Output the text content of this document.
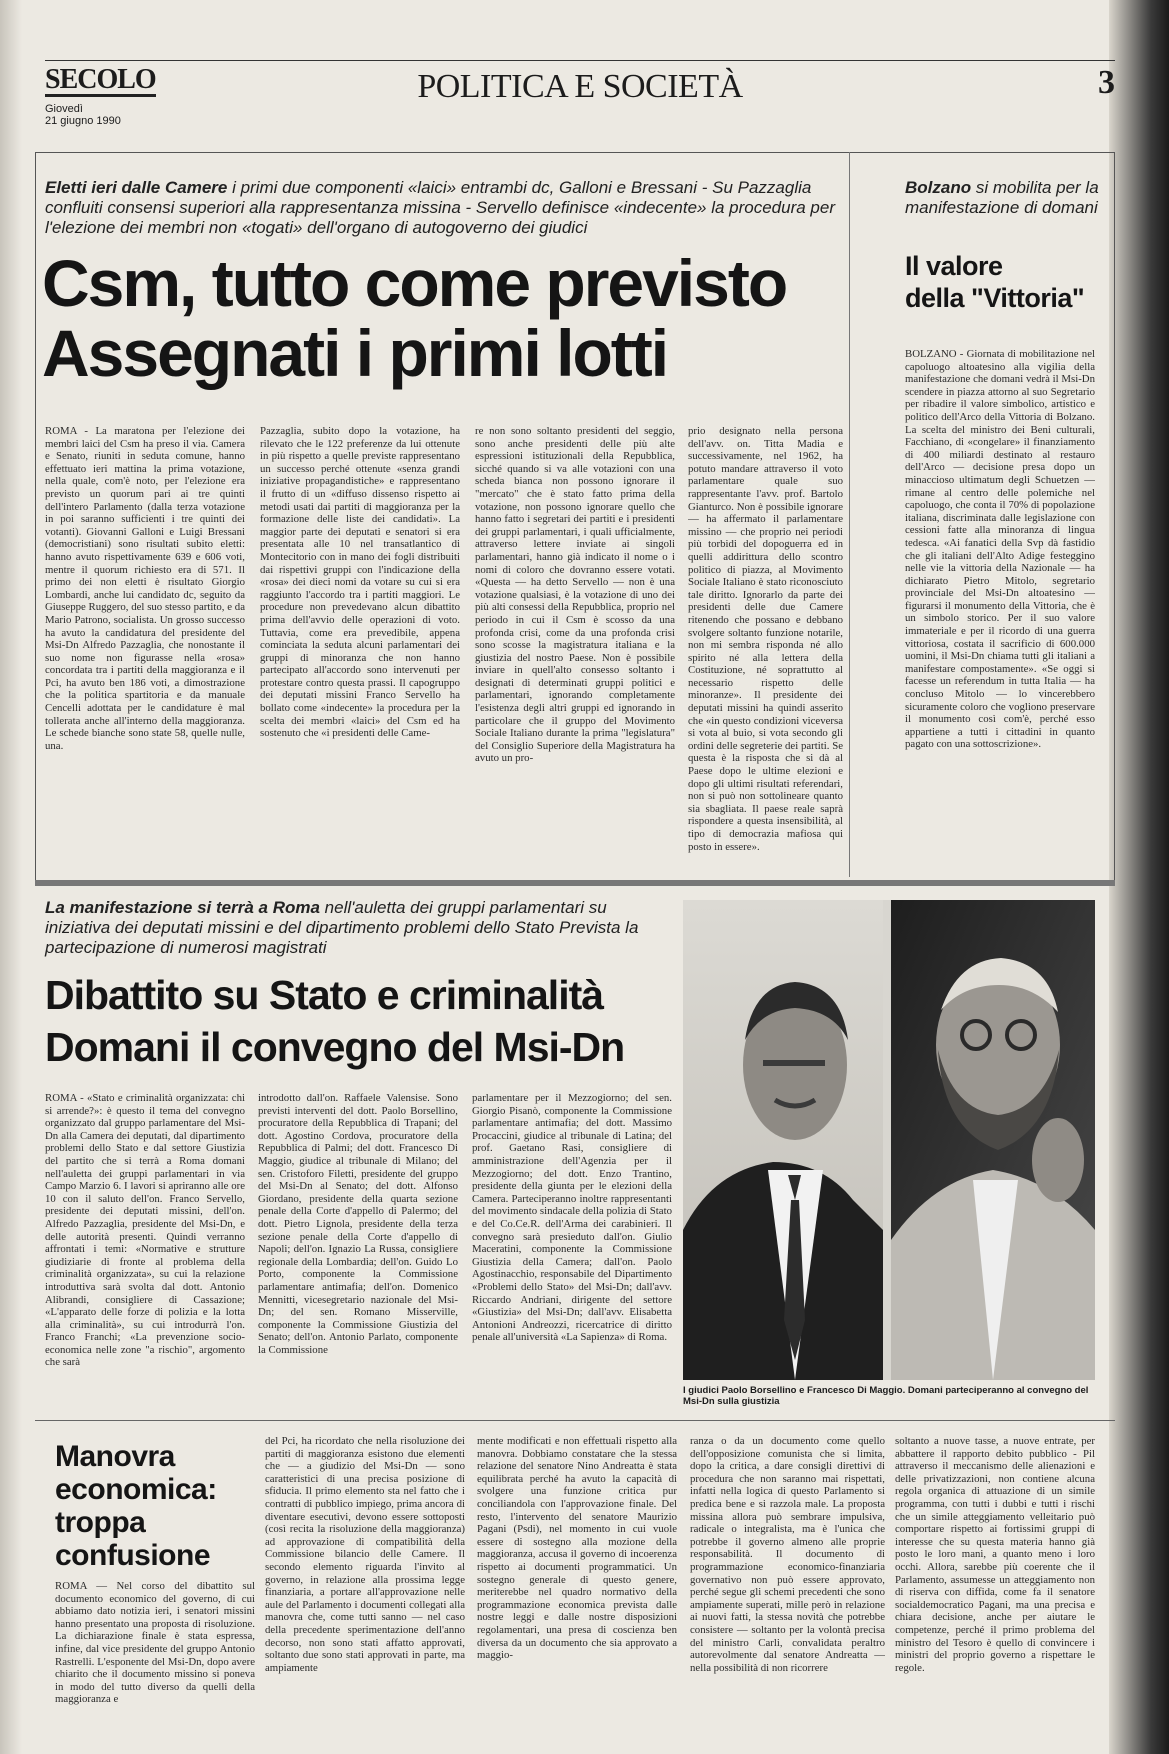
SECOLO
Giovedì
21 giugno 1990
POLITICA E SOCIETÀ	3
Eletti ieri dalle Camere i primi due componenti «laici» entrambi dc, Galloni e Bressani - Su Pazzaglia confluiti consensi superiori alla rappresentanza missina - Servello definisce «indecente» la procedura per l'elezione dei membri non «togati» dell'organo di autogoverno dei giudici
Csm, tutto come previsto
Assegnati i primi lotti
ROMA - La maratona per l'elezione dei membri laici del Csm ha preso il via. Camera e Senato, riuniti in seduta comune, hanno effettuato ieri mattina la prima votazione, nella quale, com'è noto, per l'elezione era previsto un quorum pari ai tre quinti dell'intero Parlamento (dalla terza votazione in poi saranno sufficienti i tre quinti dei votanti). Giovanni Galloni e Luigi Bressani (democristiani) sono risultati subito eletti: hanno avuto rispettivamente 639 e 606 voti, mentre il quorum richiesto era di 571. Il primo dei non eletti è risultato Giorgio Lombardi, anche lui candidato dc, seguito da Giuseppe Ruggero, del suo stesso partito, e da Mario Patrono, socialista. Un grosso successo ha avuto la candidatura del presidente del Msi-Dn Alfredo Pazzaglia, che nonostante il suo nome non figurasse nella «rosa» concordata tra i partiti della maggioranza e il Pci, ha avuto ben 186 voti, a dimostrazione che la politica spartitoria e da manuale Cencelli adottata per le candidature è mal tollerata anche all'interno della maggioranza. Le schede bianche sono state 58, quelle nulle, una.
Pazzaglia, subito dopo la votazione, ha rilevato che le 122 preferenze da lui ottenute in più rispetto a quelle previste rappresentano un successo perché ottenute «senza grandi iniziative propagandistiche» e rappresentano il frutto di un «diffuso dissenso rispetto ai metodi usati dai partiti di maggioranza per la formazione delle liste dei candidati». La maggior parte dei deputati e senatori si era presentata alle 10 nel transatlantico di Montecitorio con in mano dei fogli distribuiti dai rispettivi gruppi con l'indicazione della «rosa» dei dieci nomi da votare su cui si era raggiunto l'accordo tra i partiti maggiori. Le procedure non prevedevano alcun dibattito prima dell'avvio delle operazioni di voto. Tuttavia, come era prevedibile, appena cominciata la seduta alcuni parlamentari dei gruppi di minoranza che non hanno partecipato all'accordo sono intervenuti per protestare contro questa prassi. Il capogruppo dei deputati missini Franco Servello ha bollato come «indecente» la procedura per la scelta dei membri «laici» del Csm ed ha sostenuto che «i presidenti delle Came-
re non sono soltanto presidenti del seggio, sono anche presidenti delle più alte espressioni istituzionali della Repubblica, sicché quando si va alle votazioni con una scheda bianca non possono ignorare il "mercato" che è stato fatto prima della votazione, non possono ignorare quello che hanno fatto i segretari dei partiti e i presidenti dei gruppi parlamentari, i quali ufficialmente, attraverso lettere inviate ai singoli parlamentari, hanno già indicato il nome o i nomi di coloro che dovranno essere votati. «Questa — ha detto Servello — non è una votazione qualsiasi, è la votazione di uno dei più alti consessi della Repubblica, proprio nel periodo in cui il Csm è scosso da una profonda crisi, come da una profonda crisi sono scosse la magistratura italiana e la giustizia del nostro Paese. Non è possibile inviare in quell'alto consesso soltanto i designati di determinati gruppi politici e parlamentari, ignorando completamente l'esistenza degli altri gruppi ed ignorando in particolare che il gruppo del Movimento Sociale Italiano durante la prima "legislatura" del Consiglio Superiore della Magistratura ha avuto un pro-
prio designato nella persona dell'avv. on. Titta Madia e successivamente, nel 1962, ha potuto mandare attraverso il voto parlamentare quale suo rappresentante l'avv. prof. Bartolo Gianturco. Non è possibile ignorare — ha affermato il parlamentare missino — che proprio nei periodi più torbidi del dopoguerra ed in quelli addirittura dello scontro politico di piazza, al Movimento Sociale Italiano è stato riconosciuto tale diritto. Ignorarlo da parte dei presidenti delle due Camere ritenendo che possano e debbano svolgere soltanto funzione notarile, non mi sembra risponda né allo spirito né alla lettera della Costituzione, né soprattutto al necessario rispetto delle minoranze». Il presidente dei deputati missini ha quindi asserito che «in questo condizioni viceversa si vota al buio, si vota secondo gli ordini delle segreterie dei partiti. Se questa è la risposta che si dà al Paese dopo le ultime elezioni e dopo gli ultimi risultati referendari, non si può non sottolineare quanto sia sbagliata. Il paese reale saprà rispondere a questa insensibilità, al tipo di democrazia mafiosa qui posto in essere».
Bolzano si mobilita per la manifestazione di domani
Il valore
della "Vittoria"
BOLZANO - Giornata di mobilitazione nel capoluogo altoatesino alla vigilia della manifestazione che domani vedrà il Msi-Dn scendere in piazza attorno al suo Segretario per ribadire il valore simbolico, artistico e politico dell'Arco della Vittoria di Bolzano. La scelta del ministro dei Beni culturali, Facchiano, di «congelare» il finanziamento di 400 miliardi destinato al restauro dell'Arco — decisione presa dopo un minaccioso ultimatum degli Schuetzen — rimane al centro delle polemiche nel capoluogo, che conta il 70% di popolazione italiana, discriminata dalle legislazione con cessioni fatte alla minoranza di lingua tedesca. «Ai fanatici della Svp dà fastidio che gli italiani dell'Alto Adige festeggino nelle vie la vittoria della Nazionale — ha dichiarato Pietro Mitolo, segretario provinciale del Msi-Dn altoatesino — figurarsi il monumento della Vittoria, che è un simbolo storico. Per il suo valore immateriale e per il ricordo di una guerra vittoriosa, costata il sacrificio di 600.000 uomini, il Msi-Dn chiama tutti gli italiani a manifestare compostamente». «Se oggi si facesse un referendum in tutta Italia — ha concluso Mitolo — lo vincerebbero sicuramente coloro che vogliono preservare il monumento così com'è, perché esso appartiene a tutti i cittadini in quanto pagato con una sottoscrizione».
La manifestazione si terrà a Roma nell'auletta dei gruppi parlamentari su iniziativa dei deputati missini e del dipartimento problemi dello Stato Prevista la partecipazione di numerosi magistrati
Dibattito su Stato e criminalità
Domani il convegno del Msi-Dn
ROMA - «Stato e criminalità organizzata: chi si arrende?»: è questo il tema del convegno organizzato dal gruppo parlamentare del Msi-Dn alla Camera dei deputati, dal dipartimento problemi dello Stato e dal settore Giustizia del partito che si terrà a Roma domani nell'auletta dei gruppi parlamentari in via Campo Marzio 6. I lavori si apriranno alle ore 10 con il saluto dell'on. Franco Servello, presidente dei deputati missini, dell'on. Alfredo Pazzaglia, presidente del Msi-Dn, e delle autorità presenti. Quindi verranno affrontati i temi: «Normative e strutture giudiziarie di fronte al problema della criminalità organizzata», su cui la relazione introduttiva sarà svolta dal dott. Antonio Alibrandi, consigliere di Cassazione; «L'apparato delle forze di polizia e la lotta alla criminalità», su cui introdurrà l'on. Franco Franchi; «La prevenzione socio-economica nelle zone "a rischio", argomento che sarà
introdotto dall'on. Raffaele Valensise. Sono previsti interventi del dott. Paolo Borsellino, procuratore della Repubblica di Trapani; del dott. Agostino Cordova, procuratore della Repubblica di Palmi; del dott. Francesco Di Maggio, giudice al tribunale di Milano; del sen. Cristoforo Filetti, presidente del gruppo del Msi-Dn al Senato; del dott. Alfonso Giordano, presidente della quarta sezione penale della Corte d'appello di Palermo; del dott. Pietro Lignola, presidente della terza sezione penale della Corte d'appello di Napoli; dell'on. Ignazio La Russa, consigliere regionale della Lombardia; dell'on. Guido Lo Porto, componente la Commissione parlamentare antimafia; dell'on. Domenico Mennitti, vicesegretario nazionale del Msi-Dn; del sen. Romano Misserville, componente la Commissione Giustizia del Senato; dell'on. Antonio Parlato, componente la Commissione
parlamentare per il Mezzogiorno; del sen. Giorgio Pisanò, componente la Commissione parlamentare antimafia; del dott. Massimo Procaccini, giudice al tribunale di Latina; del prof. Gaetano Rasi, consigliere di amministrazione dell'Agenzia per il Mezzogiorno; del dott. Enzo Trantino, presidente della giunta per le elezioni della Camera. Parteciperanno inoltre rappresentanti del movimento sindacale della polizia di Stato e del Co.Ce.R. dell'Arma dei carabinieri. Il convegno sarà presieduto dall'on. Giulio Maceratini, componente la Commissione Giustizia della Camera; dall'on. Paolo Agostinacchio, responsabile del Dipartimento «Problemi dello Stato» del Msi-Dn; dall'avv. Riccardo Andriani, dirigente del settore «Giustizia» del Msi-Dn; dall'avv. Elisabetta Antonioni Andreozzi, ricercatrice di diritto penale all'università «La Sapienza» di Roma.
I giudici Paolo Borsellino e Francesco Di Maggio. Domani parteciperanno al convegno del Msi-Dn sulla giustizia
Manovra economica: troppa confusione
ROMA — Nel corso del dibattito sul documento economico del governo, di cui abbiamo dato notizia ieri, i senatori missini hanno presentato una proposta di risoluzione. La dichiarazione finale è stata espressa, infine, dal vice presidente del gruppo Antonio Rastrelli. L'esponente del Msi-Dn, dopo avere chiarito che il documento missino si poneva in modo del tutto diverso da quelli della maggioranza e
del Pci, ha ricordato che nella risoluzione dei partiti di maggioranza esistono due elementi che — a giudizio del Msi-Dn — sono caratteristici di una precisa posizione di sfiducia. Il primo elemento sta nel fatto che i contratti di pubblico impiego, prima ancora di diventare esecutivi, devono essere sottoposti (così recita la risoluzione della maggioranza) ad approvazione di compatibilità della Commissione bilancio delle Camere. Il secondo elemento riguarda l'invito al governo, in relazione alla prossima legge finanziaria, a portare all'approvazione nelle aule del Parlamento i documenti collegati alla manovra che, come tutti sanno — nel caso della precedente sperimentazione dell'anno decorso, non sono stati affatto approvati, soltanto due sono stati approvati in parte, ma ampiamente
mente modificati e non effettuali rispetto alla manovra. Dobbiamo constatare che la stessa relazione del senatore Nino Andreatta è stata equilibrata perché ha avuto la capacità di svolgere una funzione critica pur conciliandola con l'approvazione finale. Del resto, l'intervento del senatore Maurizio Pagani (Psdi), nel momento in cui vuole essere di sostegno alla mozione della maggioranza, accusa il governo di incoerenza rispetto ai documenti programmatici. Un sostegno generale di questo genere, meriterebbe nel quadro normativo della programmazione economica prevista dalle nostre leggi e dalle nostre disposizioni regolamentari, una presa di coscienza ben diversa da un documento che sia approvato a maggio-
ranza o da un documento come quello dell'opposizione comunista che si limita, dopo la critica, a dare consigli direttivi di procedura che non saranno mai rispettati, infatti nella logica di questo Parlamento si predica bene e si razzola male. La proposta missina allora può sembrare impulsiva, radicale o integralista, ma è l'unica che potrebbe il governo almeno alle proprie responsabilità. Il documento di programmazione economico-finanziaria governativo non può essere approvato, perché segue gli schemi precedenti che sono ampiamente superati, mille però in relazione ai nuovi fatti, la stessa novità che potrebbe consistere — soltanto per la volontà precisa del ministro Carli, convalidata peraltro autorevolmente dal senatore Andreatta — nella possibilità di non ricorrere
soltanto a nuove tasse, a nuove entrate, per abbattere il rapporto debito pubblico - Pil attraverso il meccanismo delle alienazioni e delle privatizzazioni, non contiene alcuna regola organica di attuazione di un simile programma, con tutti i dubbi e tutti i rischi che un simile atteggiamento velleitario può comportare rispetto ai fortissimi gruppi di interesse che su questa materia hanno già posto le loro mani, a quanto meno i loro occhi. Allora, sarebbe più coerente che il Parlamento, assumesse un atteggiamento non di riserva con diffida, come fa il senatore socialdemocratico Pagani, ma una precisa e chiara decisione, anche per aiutare le competenze, perché il primo problema del ministro del Tesoro è quello di convincere i ministri del proprio governo a rispettare le regole.
